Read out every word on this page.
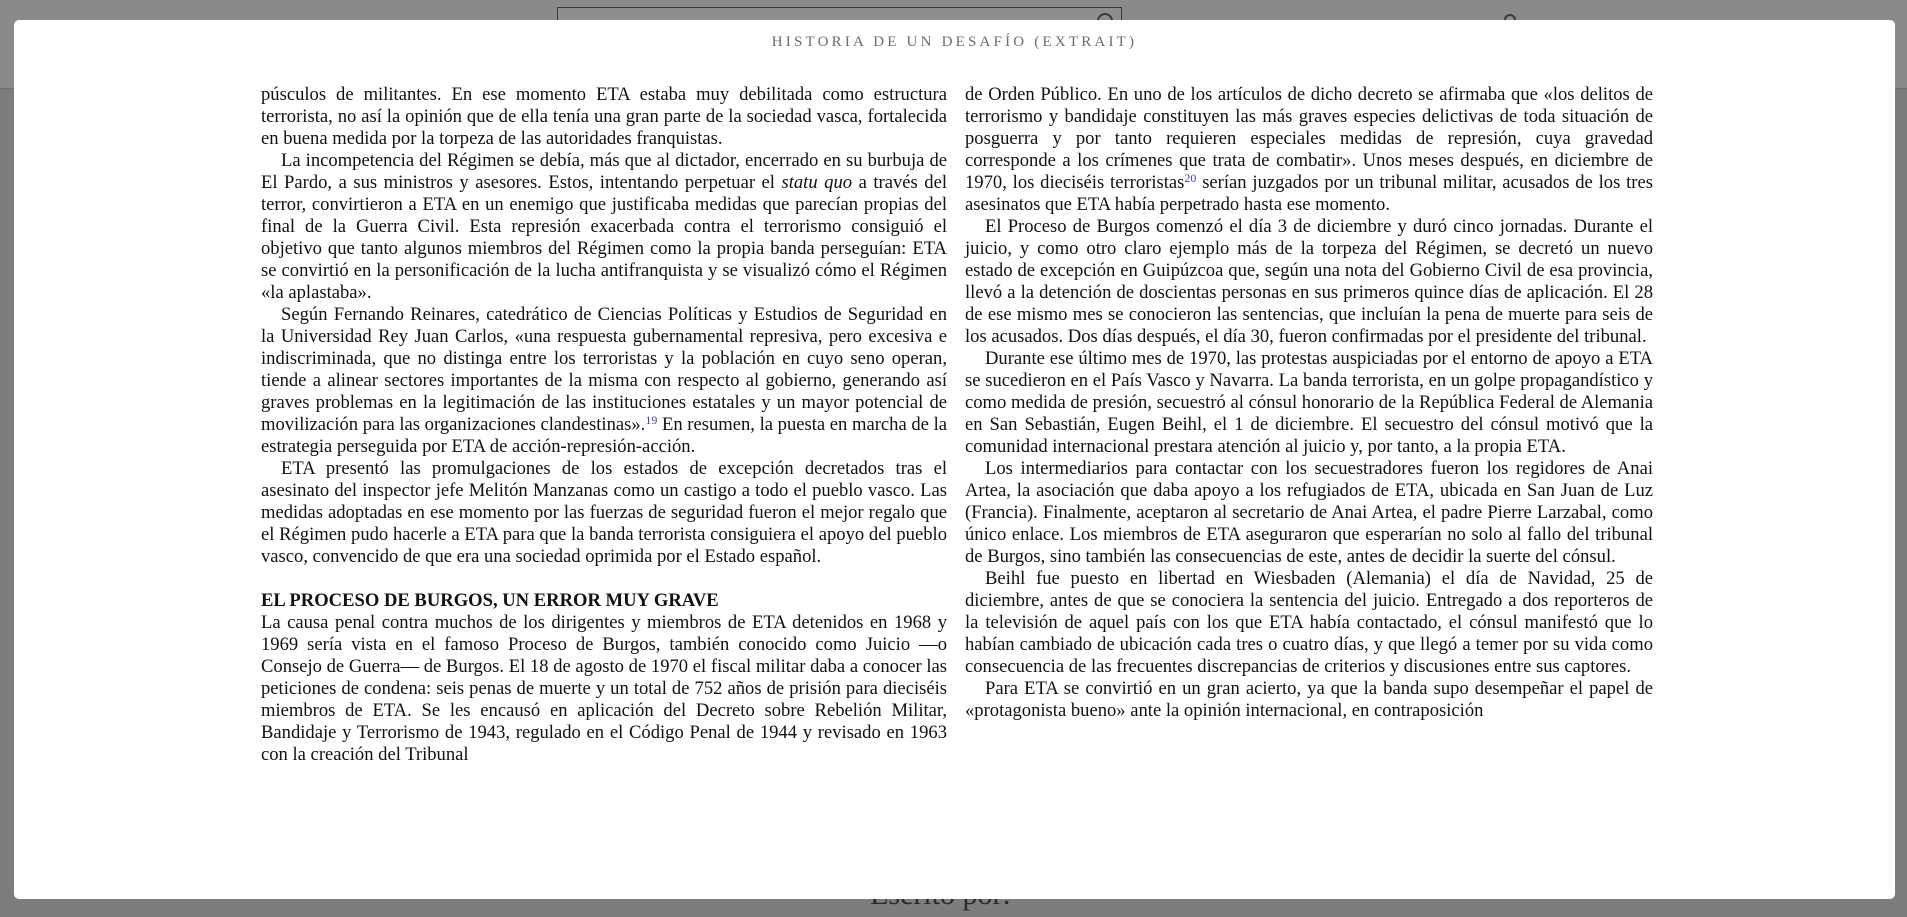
HISTORIA DE UN DESAFÍO (EXTRAIT)

púsculos de militantes. En ese momento ETA estaba muy debilitada como estructura terrorista, no así la opinión que de ella tenía una gran parte de la sociedad vasca, fortalecida en buena medida por la torpeza de las autoridades franquistas.

La incompetencia del Régimen se debía, más que al dictador, encerrado en su burbuja de El Pardo, a sus ministros y asesores. Estos, intentando perpetuar el statu quo a través del terror, convirtieron a ETA en un enemigo que justificaba medidas que parecían propias del final de la Guerra Civil. Esta represión exacerbada contra el terrorismo consiguió el objetivo que tanto algunos miembros del Régimen como la propia banda perseguían: ETA se convirtió en la personificación de la lucha antifranquista y se visualizó cómo el Régimen «la aplastaba».

Según Fernando Reinares, catedrático de Ciencias Políticas y Estudios de Seguridad en la Universidad Rey Juan Carlos, «una respuesta gubernamental represiva, pero excesiva e indiscriminada, que no distinga entre los terroristas y la población en cuyo seno operan, tiende a alinear sectores importantes de la misma con respecto al gobierno, generando así graves problemas en la legitimación de las instituciones estatales y un mayor potencial de movilización para las organizaciones clandestinas».$^{19}$ En resumen, la puesta en marcha de la estrategia perseguida por ETA de acción-represión-acción.

ETA presentó las promulgaciones de los estados de excepción decretados tras el asesinato del inspector jefe Melitón Manzanas como un castigo a todo el pueblo vasco. Las medidas adoptadas en ese momento por las fuerzas de seguridad fueron el mejor regalo que el Régimen pudo hacerle a ETA para que la banda terrorista consiguiera el apoyo del pueblo vasco, convencido de que era una sociedad oprimida por el Estado español.

EL PROCESO DE BURGOS, UN ERROR MUY GRAVE

La causa penal contra muchos de los dirigentes y miembros de ETA detenidos en 1968 y 1969 sería vista en el famoso Proceso de Burgos, también conocido como Juicio —o Consejo de Guerra— de Burgos. El 18 de agosto de 1970 el fiscal militar daba a conocer las peticiones de condena: seis penas de muerte y un total de 752 años de prisión para dieciséis miembros de ETA. Se les encausó en aplicación del Decreto sobre Rebelión Militar, Bandidaje y Terrorismo de 1943, regulado en el Código Penal de 1944 y revisado en 1963 con la creación del Tribunal

de Orden Público. En uno de los artículos de dicho decreto se afirmaba que «los delitos de terrorismo y bandidaje constituyen las más graves especies delictivas de toda situación de posguerra y por tanto requieren especiales medidas de represión, cuya gravedad corresponde a los crímenes que trata de combatir». Unos meses después, en diciembre de 1970, los dieciséis terroristas$^{20}$ serían juzgados por un tribunal militar, acusados de los tres asesinatos que ETA había perpetrado hasta ese momento.

El Proceso de Burgos comenzó el día 3 de diciembre y duró cinco jornadas. Durante el juicio, y como otro claro ejemplo más de la torpeza del Régimen, se decretó un nuevo estado de excepción en Guipúzcoa que, según una nota del Gobierno Civil de esa provincia, llevó a la detención de doscientas personas en sus primeros quince días de aplicación. El 28 de ese mismo mes se conocieron las sentencias, que incluían la pena de muerte para seis de los acusados. Dos días después, el día 30, fueron confirmadas por el presidente del tribunal.

Durante ese último mes de 1970, las protestas auspiciadas por el entorno de apoyo a ETA se sucedieron en el País Vasco y Navarra. La banda terrorista, en un golpe propagandístico y como medida de presión, secuestró al cónsul honorario de la República Federal de Alemania en San Sebastián, Eugen Beihl, el 1 de diciembre. El secuestro del cónsul motivó que la comunidad internacional prestara atención al juicio y, por tanto, a la propia ETA.

Los intermediarios para contactar con los secuestradores fueron los regidores de Anai Artea, la asociación que daba apoyo a los refugiados de ETA, ubicada en San Juan de Luz (Francia). Finalmente, aceptaron al secretario de Anai Artea, el padre Pierre Larzabal, como único enlace. Los miembros de ETA aseguraron que esperarían no solo al fallo del tribunal de Burgos, sino también las consecuencias de este, antes de decidir la suerte del cónsul.

Beihl fue puesto en libertad en Wiesbaden (Alemania) el día de Navidad, 25 de diciembre, antes de que se conociera la sentencia del juicio. Entregado a dos reporteros de la televisión de aquel país con los que ETA había contactado, el cónsul manifestó que lo habían cambiado de ubicación cada tres o cuatro días, y que llegó a temer por su vida como consecuencia de las frecuentes discrepancias de criterios y discusiones entre sus captores.

Para ETA se convirtió en un gran acierto, ya que la banda supo desempeñar el papel de «protagonista bueno» ante la opinión internacional, en contraposición
